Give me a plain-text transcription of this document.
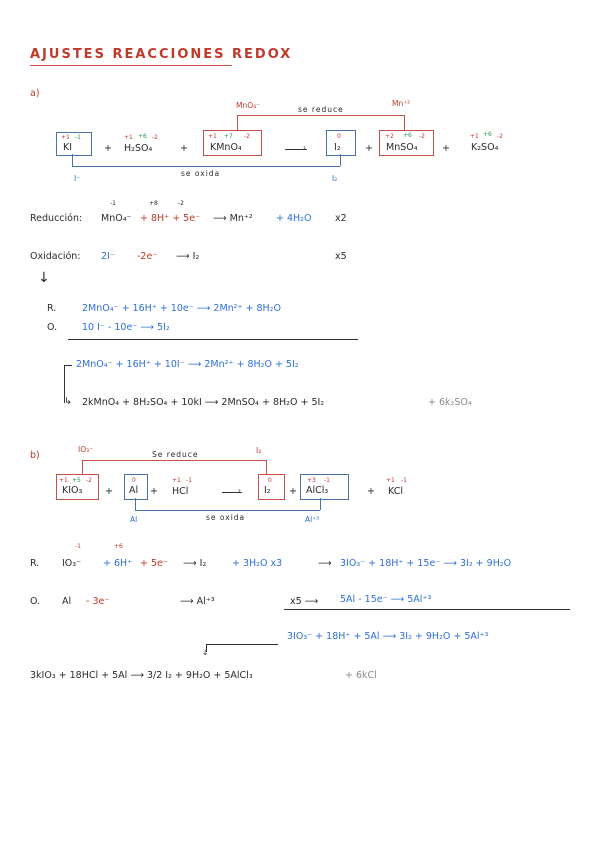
AJUSTES REACCIONES REDOX
a)
MnO₄⁻	se reduce
Mn⁺²
+1 -1
KI	+
+1 +6 -2
H₂SO₄	+
+1 +7 -2
KMnO₄	›
0
I₂	+
+2 +6 -2
MnSO₄	+
+1 +6 -2
K₂SO₄
se oxida
I⁻	I₂
-1	+8	-2
Reducción: MnO₄⁻ + 8H⁺ + 5e⁻ ⟶ Mn⁺² + 4H₂O x2
Oxidación: 2I⁻ -2e⁻ ⟶ I₂	x5
↓
R.	2MnO₄⁻ + 16H⁺ + 10e⁻ ⟶ 2Mn²⁺ + 8H₂O
O.	10 I⁻ - 10e⁻ ⟶ 5I₂
2MnO₄⁻ + 16H⁺ + 10I⁻ ⟶ 2Mn²⁺ + 8H₂O + 5I₂
↳ 2kMnO₄ + 8H₂SO₄ + 10kI ⟶ 2MnSO₄ + 8H₂O + 5I₂	+ 6k₂SO₄
b)
IO₃⁻
Se reduce	I₂
+1 +5 -2
KIO₃ +
0
Al +
+1 -1
HCl	›
0
I₂ +
+3 -1
AlCl₃	+
+1 -1
KCl
se oxida
Al	Al⁺³
-1	+6
R. IO₃⁻ + 6H⁺ + 5e⁻ ⟶ I₂	+ 3H₂O x3	⟶ 3IO₃⁻ + 18H⁺ + 15e⁻ ⟶ 3I₂ + 9H₂O
O. Al - 3e⁻	⟶ Al⁺³	x5 ⟶ 5Al - 15e⁻ ⟶ 5Al⁺³
3IO₃⁻ + 18H⁺ + 5Al ⟶ 3I₂ + 9H₂O + 5Al⁺³
↓
3kIO₃ + 18HCl + 5Al ⟶ 3/2 I₂ + 9H₂O + 5AlCl₃	+ 6kCl
